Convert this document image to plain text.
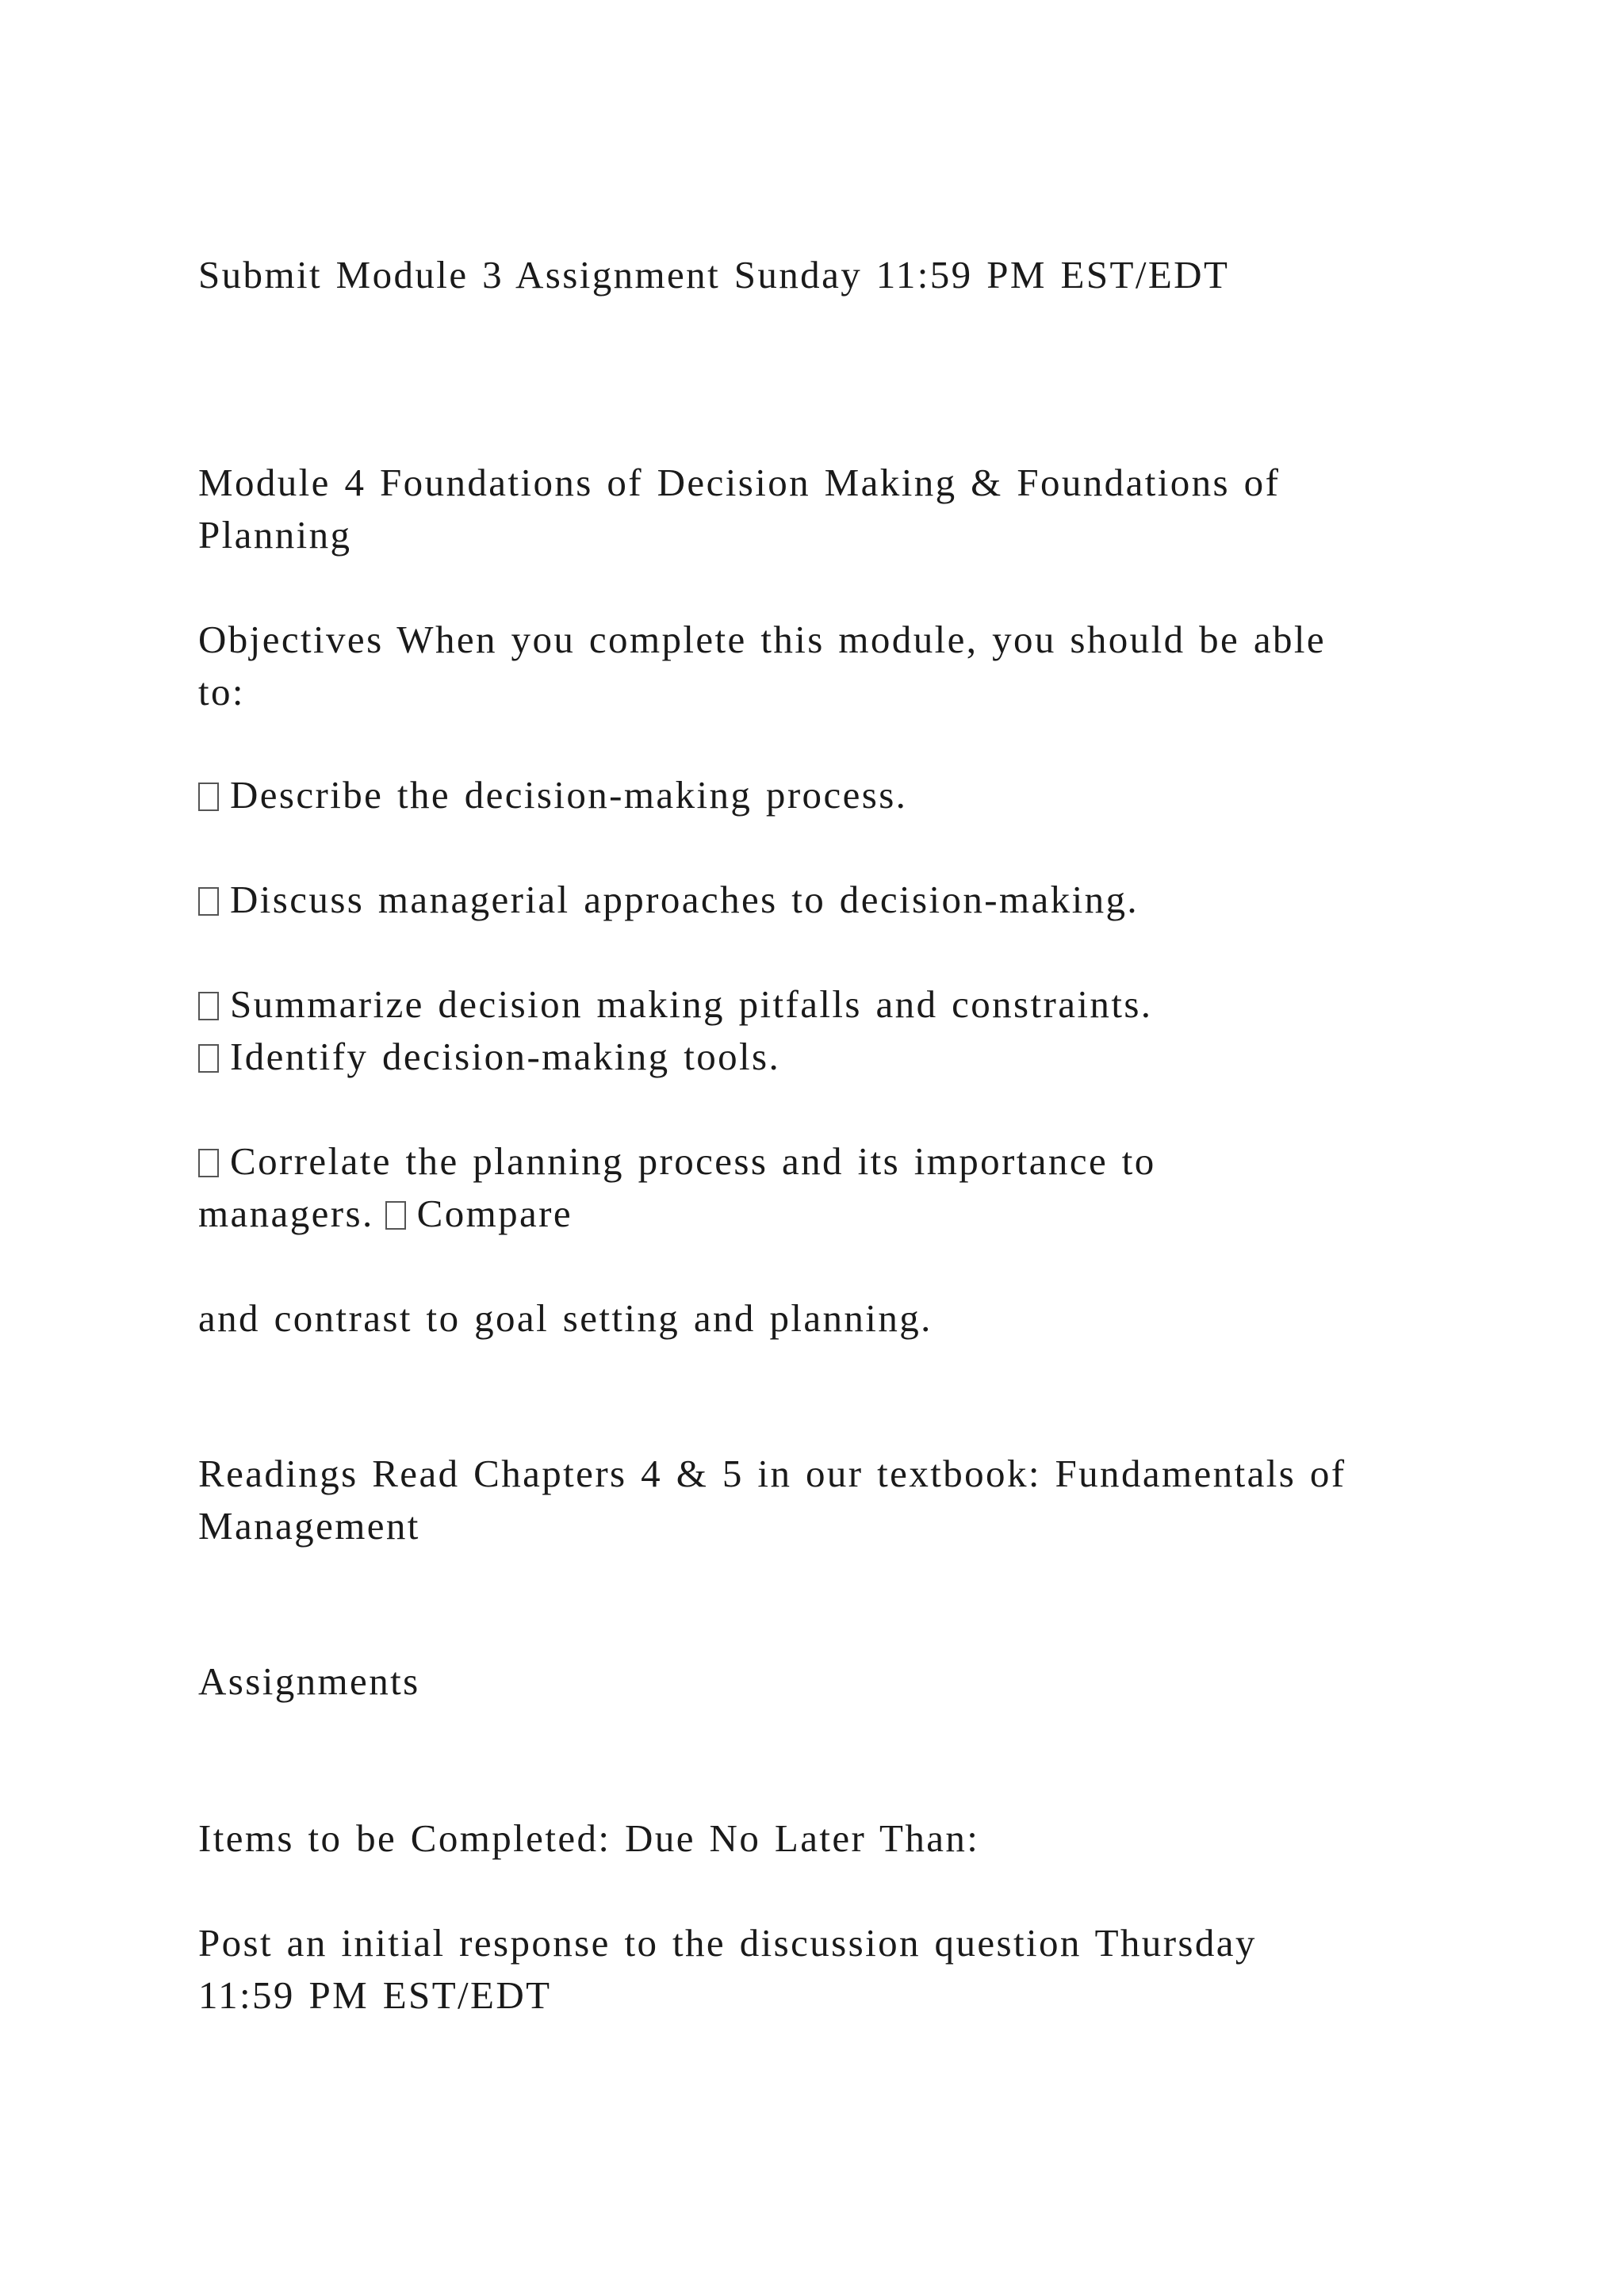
Submit Module 3 Assignment Sunday 11:59 PM EST/EDT
Module 4 Foundations of Decision Making & Foundations of
Planning
Objectives When you complete this module, you should be able
to:
Describe the decision-making process.
Discuss managerial approaches to decision-making.
Summarize decision making pitfalls and constraints.
Identify decision-making tools.
Correlate the planning process and its importance to
managers. Compare
and contrast to goal setting and planning.
Readings Read Chapters 4 & 5 in our textbook: Fundamentals of
Management
Assignments
Items to be Completed: Due No Later Than:
Post an initial response to the discussion question Thursday
11:59 PM EST/EDT
